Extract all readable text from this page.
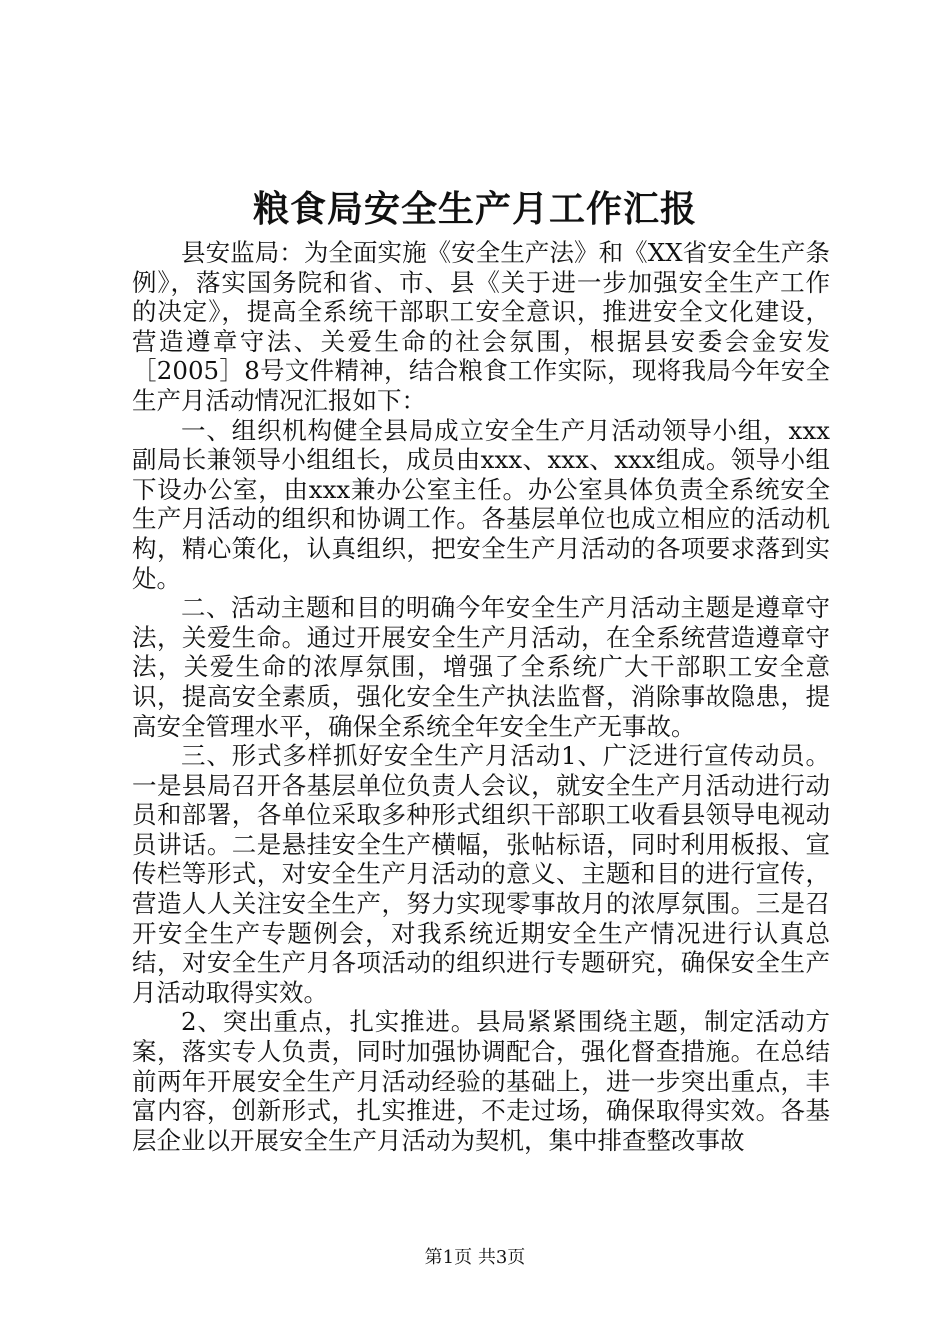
粮食局安全生产月工作汇报

县安监局：为全面实施《安全生产法》和《XX省安全生产条例》，落实国务院和省、市、县《关于进一步加强安全生产工作的决定》，提高全系统干部职工安全意识，推进安全文化建设，营造遵章守法、关爱生命的社会氛围，根据县安委会金安发［2005］8号文件精神，结合粮食工作实际，现将我局今年安全生产月活动情况汇报如下：

一、组织机构健全县局成立安全生产月活动领导小组，xxx副局长兼领导小组组长，成员由xxx、xxx、xxx组成。领导小组下设办公室，由xxx兼办公室主任。办公室具体负责全系统安全生产月活动的组织和协调工作。各基层单位也成立相应的活动机构，精心策化，认真组织，把安全生产月活动的各项要求落到实处。

二、活动主题和目的明确今年安全生产月活动主题是遵章守法，关爱生命。通过开展安全生产月活动，在全系统营造遵章守法，关爱生命的浓厚氛围，增强了全系统广大干部职工安全意识，提高安全素质，强化安全生产执法监督，消除事故隐患，提高安全管理水平，确保全系统全年安全生产无事故。

三、形式多样抓好安全生产月活动1、广泛进行宣传动员。一是县局召开各基层单位负责人会议，就安全生产月活动进行动员和部署，各单位采取多种形式组织干部职工收看县领导电视动员讲话。二是悬挂安全生产横幅，张帖标语，同时利用板报、宣传栏等形式，对安全生产月活动的意义、主题和目的进行宣传，营造人人关注安全生产，努力实现零事故月的浓厚氛围。三是召开安全生产专题例会，对我系统近期安全生产情况进行认真总结，对安全生产月各项活动的组织进行专题研究，确保安全生产月活动取得实效。

2、突出重点，扎实推进。县局紧紧围绕主题，制定活动方案，落实专人负责，同时加强协调配合，强化督查措施。在总结前两年开展安全生产月活动经验的基础上，进一步突出重点，丰富内容，创新形式，扎实推进，不走过场，确保取得实效。各基层企业以开展安全生产月活动为契机，集中排查整改事故

第1页 共3页
